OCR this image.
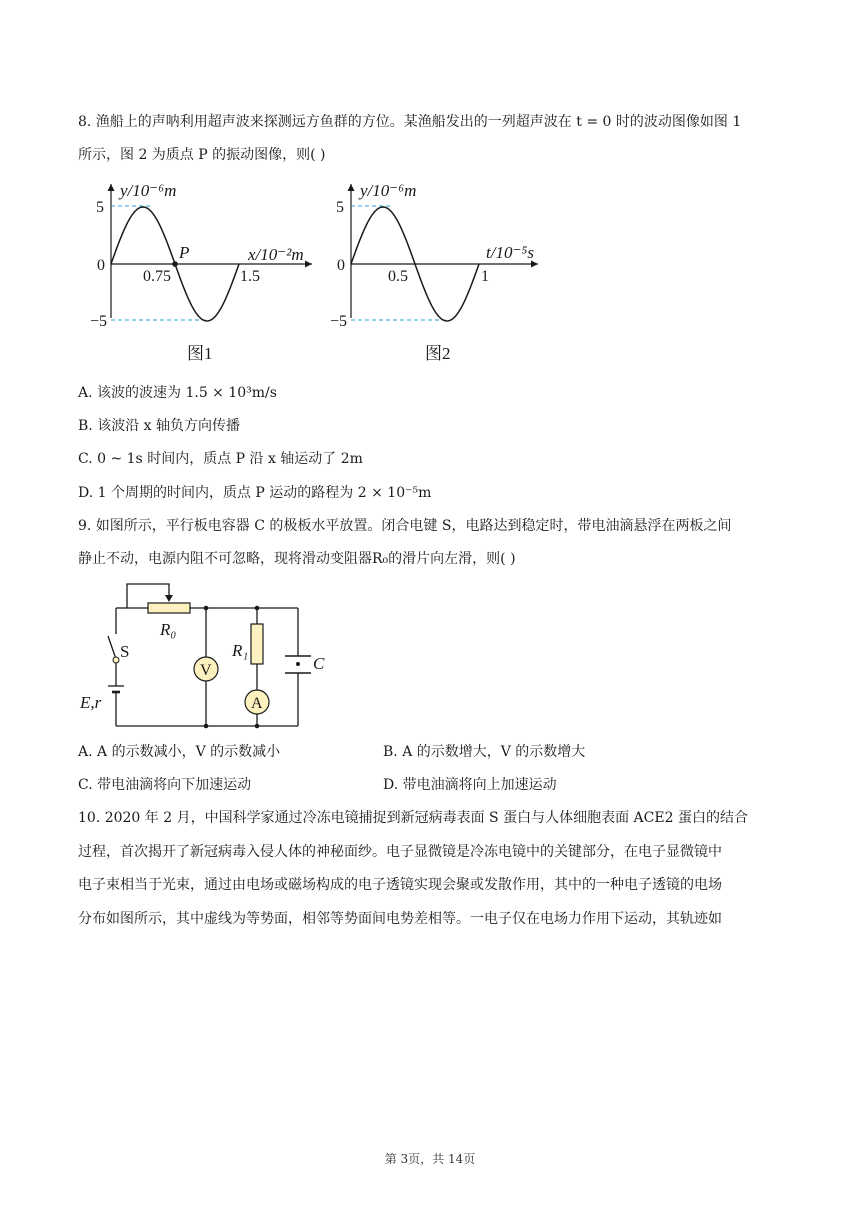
8. 渔船上的声呐利用超声波来探测远方鱼群的方位。某渔船发出的一列超声波在 t = 0 时的波动图像如图 1
所示，图 2 为质点 P 的振动图像，则( )
y/10⁻⁶m
x/10⁻²m
5
−5
0
P
0.75	1.5
图1
y/10⁻⁶m
t/10⁻⁵s
5
−5
0
0.5	1
图2
A. 该波的波速为 1.5 × 10³m/s
B. 该波沿 x 轴负方向传播
C. 0 ~ 1s 时间内，质点 P 沿 x 轴运动了 2m
D. 1 个周期的时间内，质点 P 运动的路程为 2 × 10⁻⁵m
9. 如图所示，平行板电容器 C 的极板水平放置。闭合电键 S，电路达到稳定时，带电油滴悬浮在两板之间
静止不动，电源内阻不可忽略，现将滑动变阻器R₀的滑片向左滑，则( )
R₀
S	R₁
V
A
E,r
C
A. A 的示数减小，V 的示数减小	B. A 的示数增大，V 的示数增大
C. 带电油滴将向下加速运动	D. 带电油滴将向上加速运动
10. 2020 年 2 月，中国科学家通过冷冻电镜捕捉到新冠病毒表面 S 蛋白与人体细胞表面 ACE2 蛋白的结合
过程，首次揭开了新冠病毒入侵人体的神秘面纱。电子显微镜是冷冻电镜中的关键部分，在电子显微镜中
电子束相当于光束，通过由电场或磁场构成的电子透镜实现会聚或发散作用，其中的一种电子透镜的电场
分布如图所示，其中虚线为等势面，相邻等势面间电势差相等。一电子仅在电场力作用下运动，其轨迹如
第 3页，共 14页
